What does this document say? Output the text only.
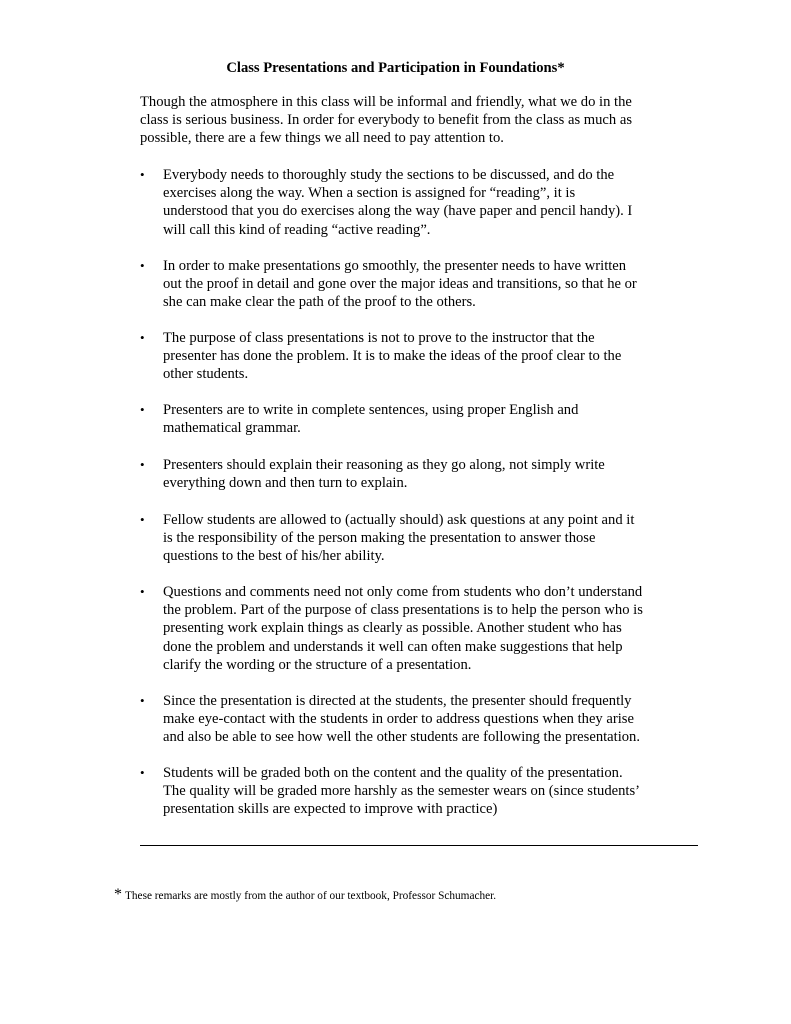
Class Presentations and Participation in Foundations*

Though the atmosphere in this class will be informal and friendly, what we do in the
class is serious business. In order for everybody to benefit from the class as much as
possible, there are a few things we all need to pay attention to.

•	Everybody needs to thoroughly study the sections to be discussed, and do the
exercises along the way. When a section is assigned for “reading”, it is
understood that you do exercises along the way (have paper and pencil handy). I
will call this kind of reading “active reading”.
•	In order to make presentations go smoothly, the presenter needs to have written
out the proof in detail and gone over the major ideas and transitions, so that he or
she can make clear the path of the proof to the others.
•	The purpose of class presentations is not to prove to the instructor that the
presenter has done the problem. It is to make the ideas of the proof clear to the
other students.
•	Presenters are to write in complete sentences, using proper English and
mathematical grammar.
•	Presenters should explain their reasoning as they go along, not simply write
everything down and then turn to explain.
•	Fellow students are allowed to (actually should) ask questions at any point and it
is the responsibility of the person making the presentation to answer those
questions to the best of his/her ability.
•	Questions and comments need not only come from students who don’t understand
the problem. Part of the purpose of class presentations is to help the person who is
presenting work explain things as clearly as possible. Another student who has
done the problem and understands it well can often make suggestions that help
clarify the wording or the structure of a presentation.
•	Since the presentation is directed at the students, the presenter should frequently
make eye-contact with the students in order to address questions when they arise
and also be able to see how well the other students are following the presentation.
•	Students will be graded both on the content and the quality of the presentation.
The quality will be graded more harshly as the semester wears on (since students’
presentation skills are expected to improve with practice)
* These remarks are mostly from the author of our textbook, Professor Schumacher.
